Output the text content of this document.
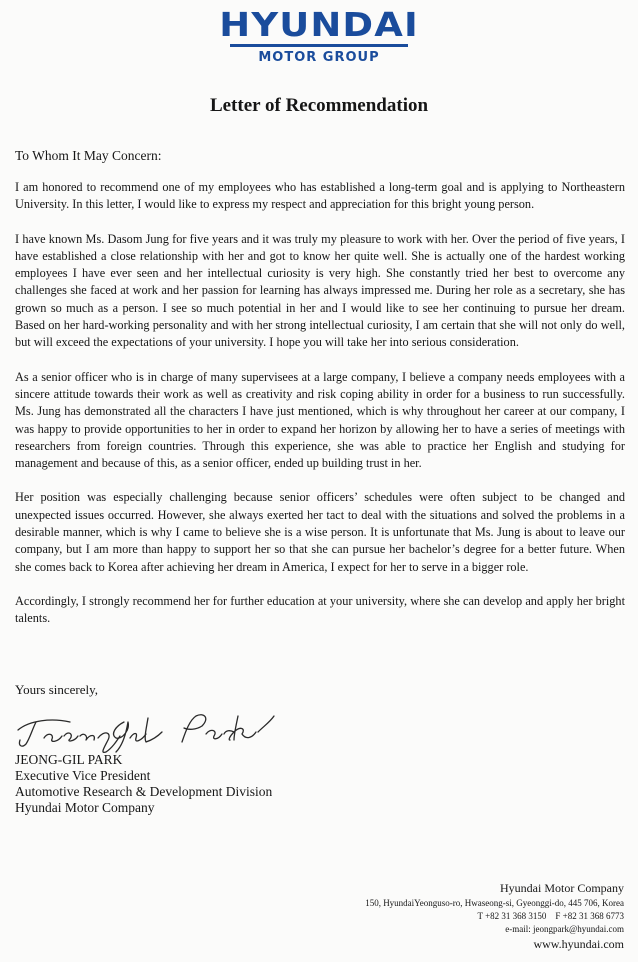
HYUNDAI
MOTOR GROUP
Letter of Recommendation
To Whom It May Concern:

I am honored to recommend one of my employees who has established a long-term goal and is applying to Northeastern University. In this letter, I would like to express my respect and appreciation for this bright young person.

I have known Ms. Dasom Jung for five years and it was truly my pleasure to work with her. Over the period of five years, I have established a close relationship with her and got to know her quite well. She is actually one of the hardest working employees I have ever seen and her intellectual curiosity is very high. She constantly tried her best to overcome any challenges she faced at work and her passion for learning has always impressed me. During her role as a secretary, she has grown so much as a person. I see so much potential in her and I would like to see her continuing to pursue her dream. Based on her hard-working personality and with her strong intellectual curiosity, I am certain that she will not only do well, but will exceed the expectations of your university. I hope you will take her into serious consideration.

As a senior officer who is in charge of many supervisees at a large company, I believe a company needs employees with a sincere attitude towards their work as well as creativity and risk coping ability in order for a business to run successfully. Ms. Jung has demonstrated all the characters I have just mentioned, which is why throughout her career at our company, I was happy to provide opportunities to her in order to expand her horizon by allowing her to have a series of meetings with researchers from foreign countries. Through this experience, she was able to practice her English and studying for management and because of this, as a senior officer, ended up building trust in her.

Her position was especially challenging because senior officers’ schedules were often subject to be changed and unexpected issues occurred. However, she always exerted her tact to deal with the situations and solved the problems in a desirable manner, which is why I came to believe she is a wise person. It is unfortunate that Ms. Jung is about to leave our company, but I am more than happy to support her so that she can pursue her bachelor’s degree for a better future. When she comes back to Korea after achieving her dream in America, I expect for her to serve in a bigger role.

Accordingly, I strongly recommend her for further education at your university, where she can develop and apply her bright talents.

Yours sincerely,
JEONG-GIL PARK
Executive Vice President
Automotive Research & Development Division
Hyundai Motor Company
Hyundai Motor Company
150, HyundaiYeonguso-ro, Hwaseong-si, Gyeonggi-do, 445 706, Korea
T +82 31 368 3150 F +82 31 368 6773
e-mail: jeongpark@hyundai.com
www.hyundai.com
